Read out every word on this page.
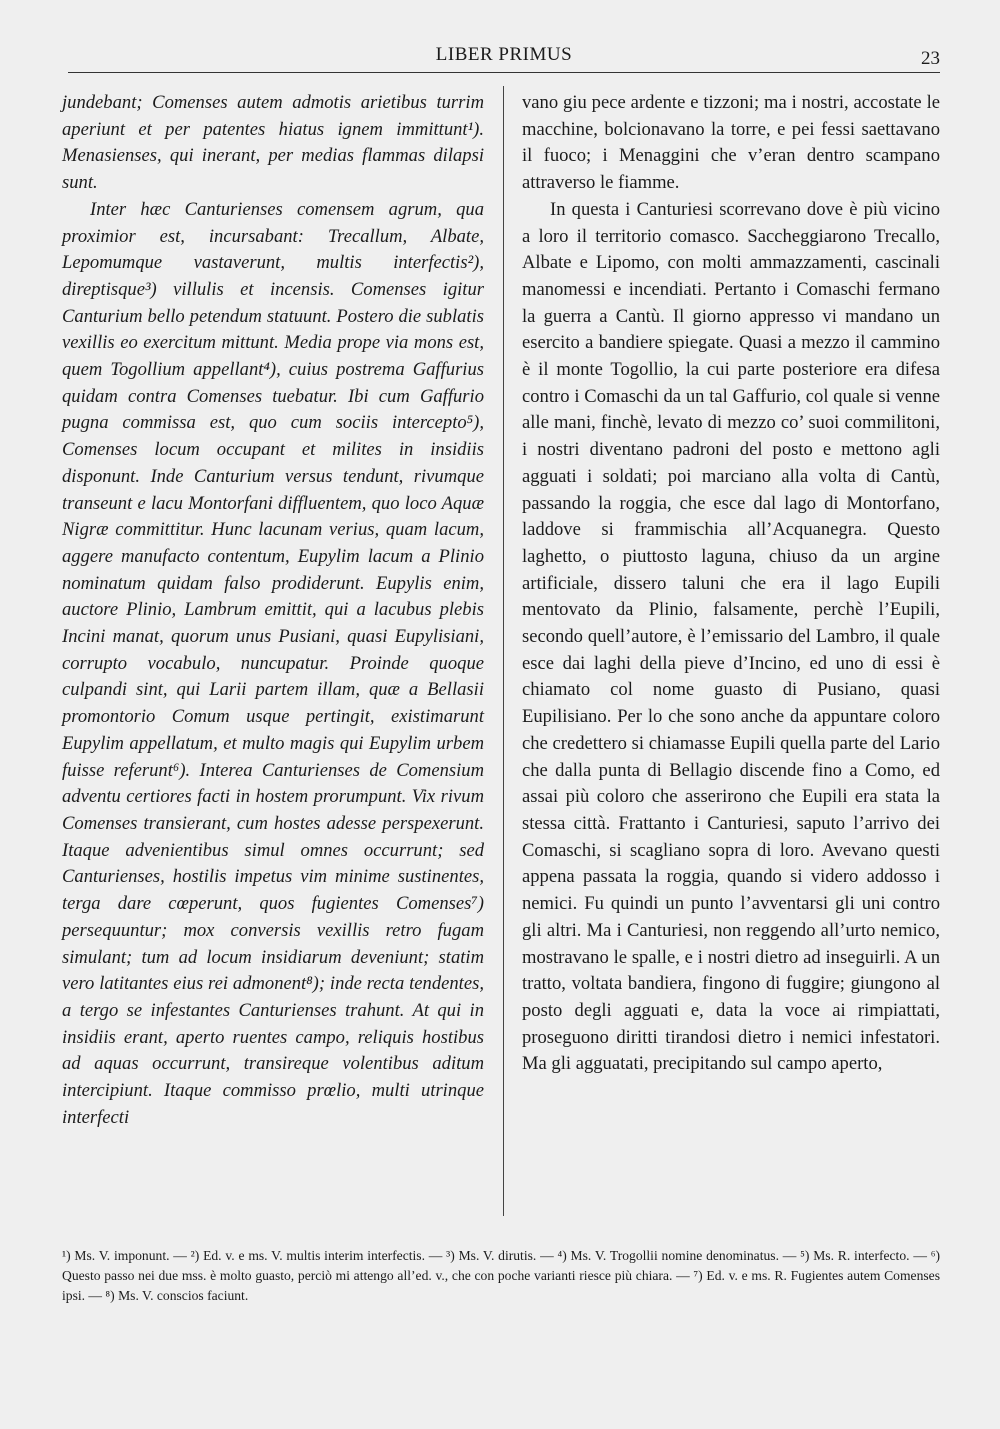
LIBER PRIMUS	23

jundebant; Comenses autem admotis arietibus turrim aperiunt et per patentes hiatus ignem immittunt¹). Menasienses, qui inerant, per medias flammas dilapsi sunt.

Inter hæc Canturienses comensem agrum, qua proximior est, incursabant: Trecallum, Albate, Lepomumque vastaverunt, multis interfectis²), direptisque³) villulis et incensis. Comenses igitur Canturium bello petendum statuunt. Postero die sublatis vexillis eo exercitum mittunt. Media prope via mons est, quem Togollium appellant⁴), cuius postrema Gaffurius quidam contra Comenses tuebatur. Ibi cum Gaffurio pugna commissa est, quo cum sociis intercepto⁵), Comenses locum occupant et milites in insidiis disponunt. Inde Canturium versus tendunt, rivumque transeunt e lacu Montorfani diffluentem, quo loco Aquæ Nigræ committitur. Hunc lacunam verius, quam lacum, aggere manufacto contentum, Eupylim lacum a Plinio nominatum quidam falso prodiderunt. Eupylis enim, auctore Plinio, Lambrum emittit, qui a lacubus plebis Incini manat, quorum unus Pusiani, quasi Eupylisiani, corrupto vocabulo, nuncupatur. Proinde quoque culpandi sint, qui Larii partem illam, quæ a Bellasii promontorio Comum usque pertingit, existimarunt Eupylim appellatum, et multo magis qui Eupylim urbem fuisse referunt⁶). Interea Canturienses de Comensium adventu certiores facti in hostem prorumpunt. Vix rivum Comenses transierant, cum hostes adesse perspexerunt. Itaque advenientibus simul omnes occurrunt; sed Canturienses, hostilis impetus vim minime sustinentes, terga dare cœperunt, quos fugientes Comenses⁷) persequuntur; mox conversis vexillis retro fugam simulant; tum ad locum insidiarum deveniunt; statim vero latitantes eius rei admonent⁸); inde recta tendentes, a tergo se infestantes Canturienses trahunt. At qui in insidiis erant, aperto ruentes campo, reliquis hostibus ad aquas occurrunt, transireque volentibus aditum intercipiunt. Itaque commisso prœlio, multi utrinque interfecti

vano giu pece ardente e tizzoni; ma i nostri, accostate le macchine, bolcionavano la torre, e pei fessi saettavano il fuoco; i Menaggini che v’eran dentro scampano attraverso le fiamme.

In questa i Canturiesi scorrevano dove è più vicino a loro il territorio comasco. Saccheggiarono Trecallo, Albate e Lipomo, con molti ammazzamenti, cascinali manomessi e incendiati. Pertanto i Comaschi fermano la guerra a Cantù. Il giorno appresso vi mandano un esercito a bandiere spiegate. Quasi a mezzo il cammino è il monte Togollio, la cui parte posteriore era difesa contro i Comaschi da un tal Gaffurio, col quale si venne alle mani, finchè, levato di mezzo co’ suoi commilitoni, i nostri diventano padroni del posto e mettono agli agguati i soldati; poi marciano alla volta di Cantù, passando la roggia, che esce dal lago di Montorfano, laddove si frammischia all’Acquanegra. Questo laghetto, o piuttosto laguna, chiuso da un argine artificiale, dissero taluni che era il lago Eupili mentovato da Plinio, falsamente, perchè l’Eupili, secondo quell’autore, è l’emissario del Lambro, il quale esce dai laghi della pieve d’Incino, ed uno di essi è chiamato col nome guasto di Pusiano, quasi Eupilisiano. Per lo che sono anche da appuntare coloro che credettero si chiamasse Eupili quella parte del Lario che dalla punta di Bellagio discende fino a Como, ed assai più coloro che asserirono che Eupili era stata la stessa città. Frattanto i Canturiesi, saputo l’arrivo dei Comaschi, si scagliano sopra di loro. Avevano questi appena passata la roggia, quando si videro addosso i nemici. Fu quindi un punto l’avventarsi gli uni contro gli altri. Ma i Canturiesi, non reggendo all’urto nemico, mostravano le spalle, e i nostri dietro ad inseguirli. A un tratto, voltata bandiera, fingono di fuggire; giungono al posto degli agguati e, data la voce ai rimpiattati, proseguono diritti tirandosi dietro i nemici infestatori. Ma gli agguatati, precipitando sul campo aperto,

¹) Ms. V. imponunt. — ²) Ed. v. e ms. V. multis interim interfectis. — ³) Ms. V. dirutis. — ⁴) Ms. V. Trogollii nomine denominatus. — ⁵) Ms. R. interfecto. — ⁶) Questo passo nei due mss. è molto guasto, perciò mi attengo all’ed. v., che con poche varianti riesce più chiara. — ⁷) Ed. v. e ms. R. Fugientes autem Comenses ipsi. — ⁸) Ms. V. conscios faciunt.
